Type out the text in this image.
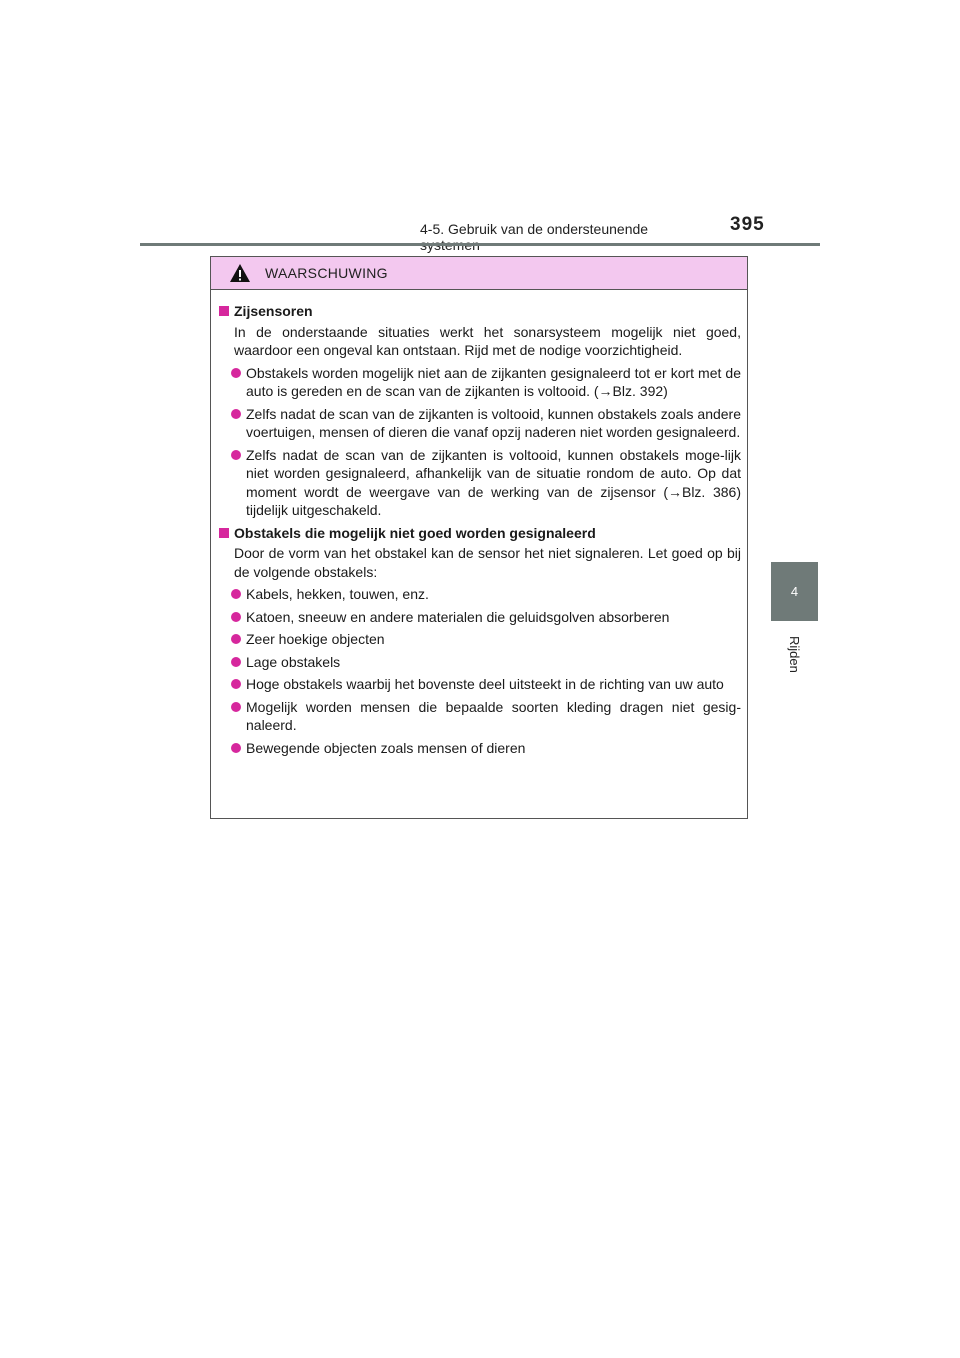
4-5. Gebruik van de ondersteunende	395
4
Rijden
WAARSCHUWING
Zijsensoren
In de onderstaande situaties werkt het sonarsysteem mogelijk niet goed, waardoor een ongeval kan ontstaan. Rijd met de nodige voorzichtigheid.
Obstakels worden mogelijk niet aan de zijkanten gesignaleerd tot er kort met de auto is gereden en de scan van de zijkanten is voltooid. (→Blz. 392)
Zelfs nadat de scan van de zijkanten is voltooid, kunnen obstakels zoals andere voertuigen, mensen of dieren die vanaf opzij naderen niet worden gesignaleerd.
Zelfs nadat de scan van de zijkanten is voltooid, kunnen obstakels moge-lijk niet worden gesignaleerd, afhankelijk van de situatie rondom de auto. Op dat moment wordt de weergave van de werking van de zijsensor (→Blz. 386) tijdelijk uitgeschakeld.
Obstakels die mogelijk niet goed worden gesignaleerd
Door de vorm van het obstakel kan de sensor het niet signaleren. Let goed op bij de volgende obstakels:
Kabels, hekken, touwen, enz.
Katoen, sneeuw en andere materialen die geluidsgolven absorberen
Zeer hoekige objecten
Lage obstakels
Hoge obstakels waarbij het bovenste deel uitsteekt in de richting van uw auto
Mogelijk worden mensen die bepaalde soorten kleding dragen niet gesig-naleerd.
Bewegende objecten zoals mensen of dieren
